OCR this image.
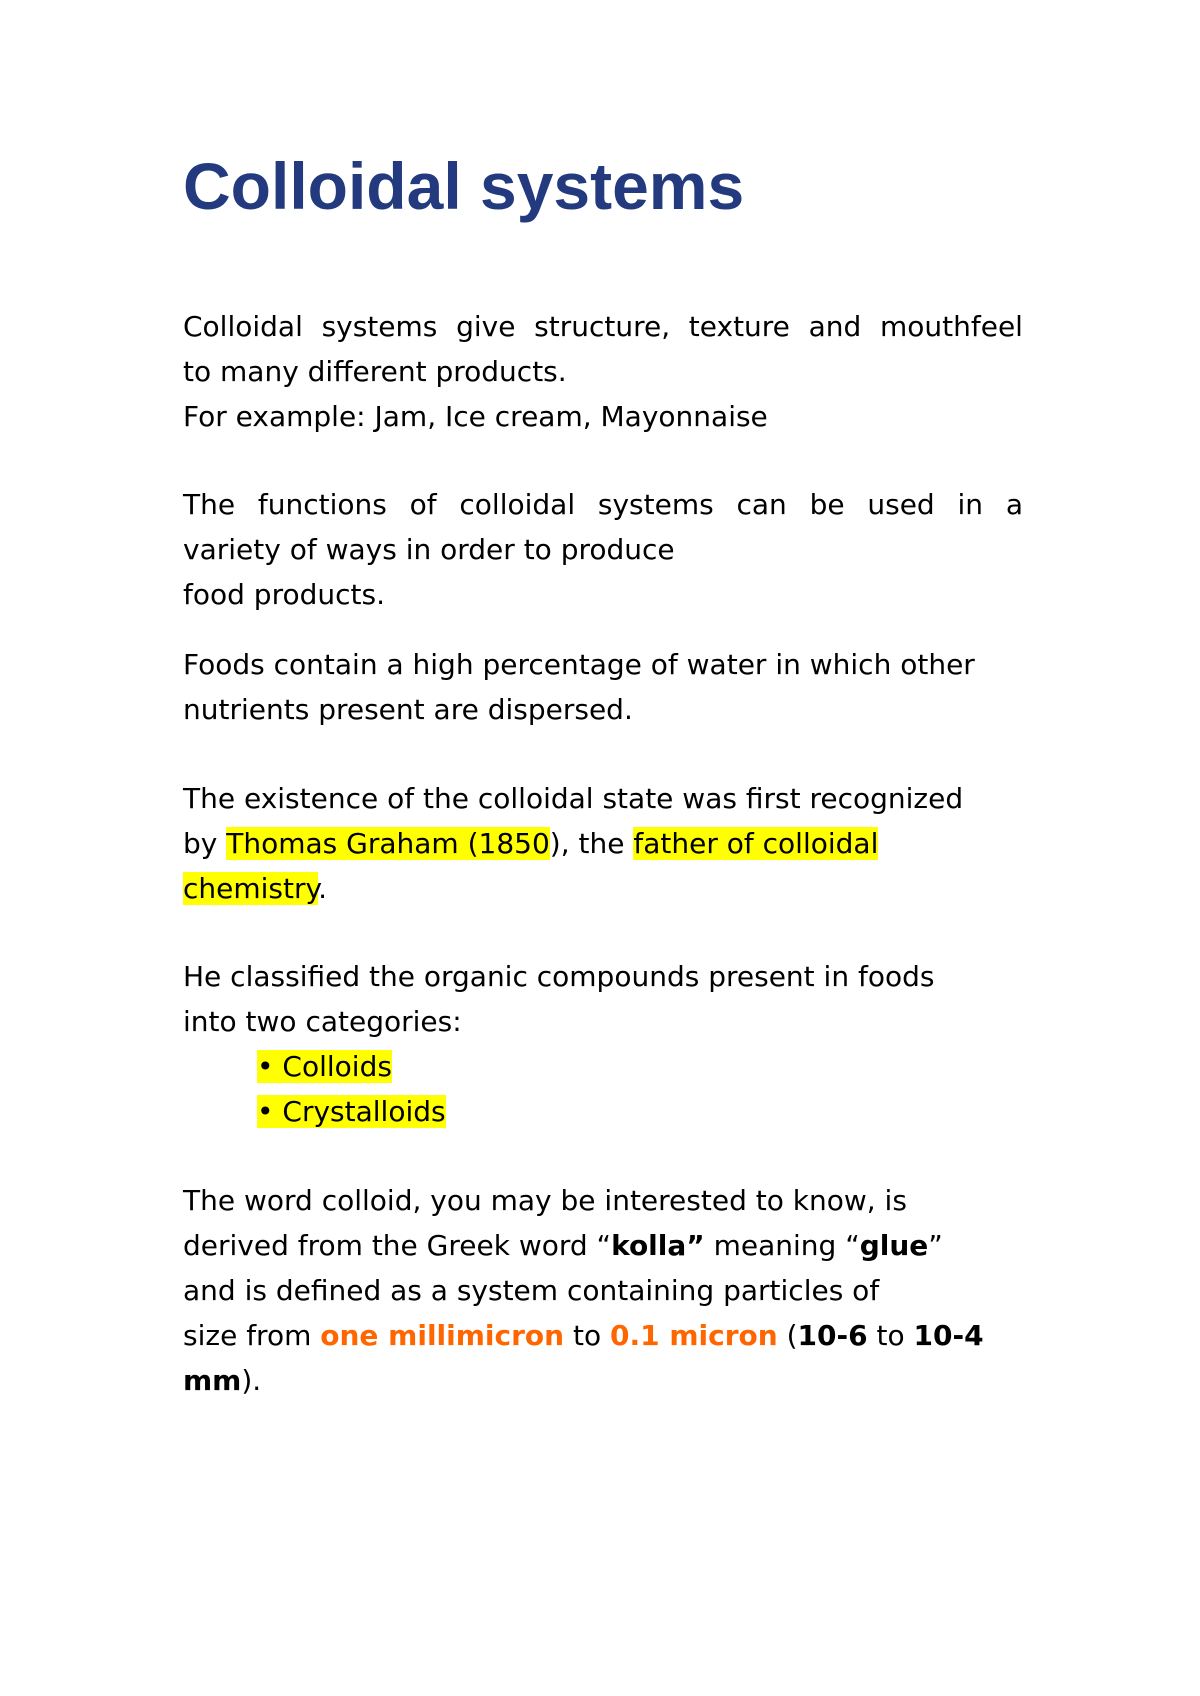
Colloidal systems
Colloidal systems give structure, texture and mouthfeel
to many different products.
For example: Jam, Ice cream, Mayonnaise
The functions of colloidal systems can be used in a
variety of ways in order to produce
food products.
Foods contain a high percentage of water in which other
nutrients present are dispersed.
The existence of the colloidal state was first recognized
by Thomas Graham (1850), the father of colloidal
chemistry.
He classified the organic compounds present in foods
into two categories:
• Colloids
• Crystalloids
The word colloid, you may be interested to know, is
derived from the Greek word “kolla” meaning “glue”
and is defined as a system containing particles of
size from one millimicron to 0.1 micron (10-6 to 10-4
mm).
